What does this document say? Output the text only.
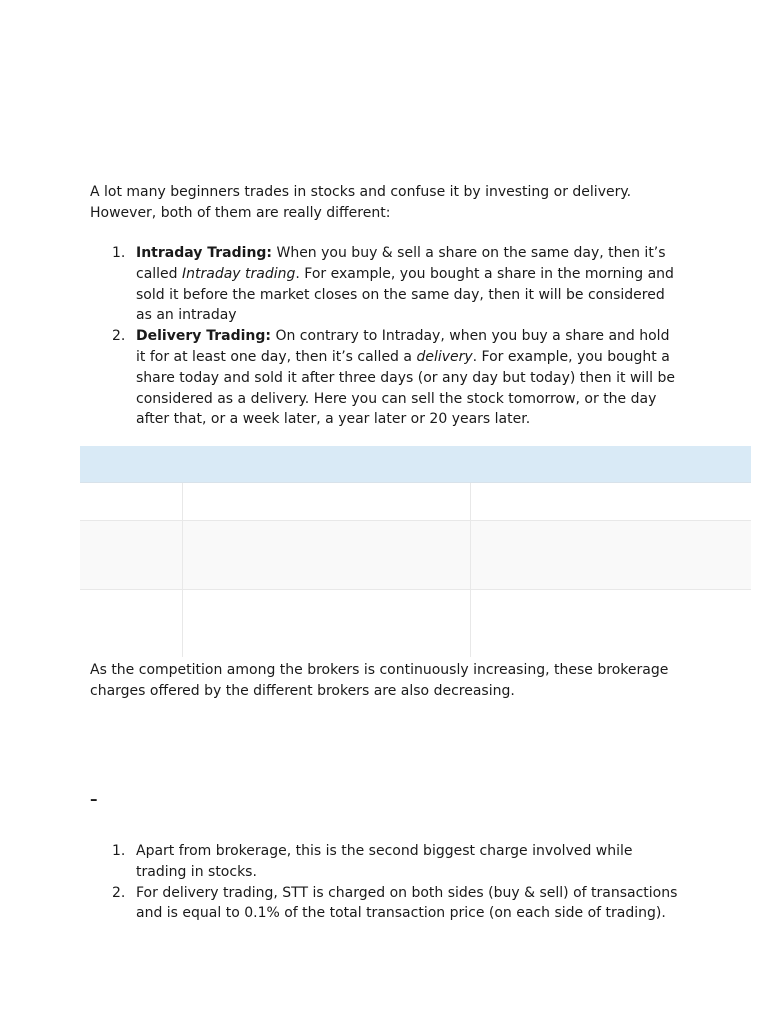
A lot many beginners trades in stocks and confuse it by investing or delivery. However, both of them are really different:

1. Intraday Trading: When you buy & sell a share on the same day, then it’s called Intraday trading. For example, you bought a share in the morning and sold it before the market closes on the same day, then it will be considered as an intraday
2. Delivery Trading: On contrary to Intraday, when you buy a share and hold it for at least one day, then it’s called a delivery. For example, you bought a share today and sold it after three days (or any day but today) then it will be considered as a delivery. Here you can sell the stock tomorrow, or the day after that, or a week later, a year later or 20 years later.

As the competition among the brokers is continuously increasing, these brokerage charges offered by the different brokers are also decreasing.

–
1. Apart from brokerage, this is the second biggest charge involved while trading in stocks.
2. For delivery trading, STT is charged on both sides (buy & sell) of transactions and is equal to 0.1% of the total transaction price (on each side of trading).
